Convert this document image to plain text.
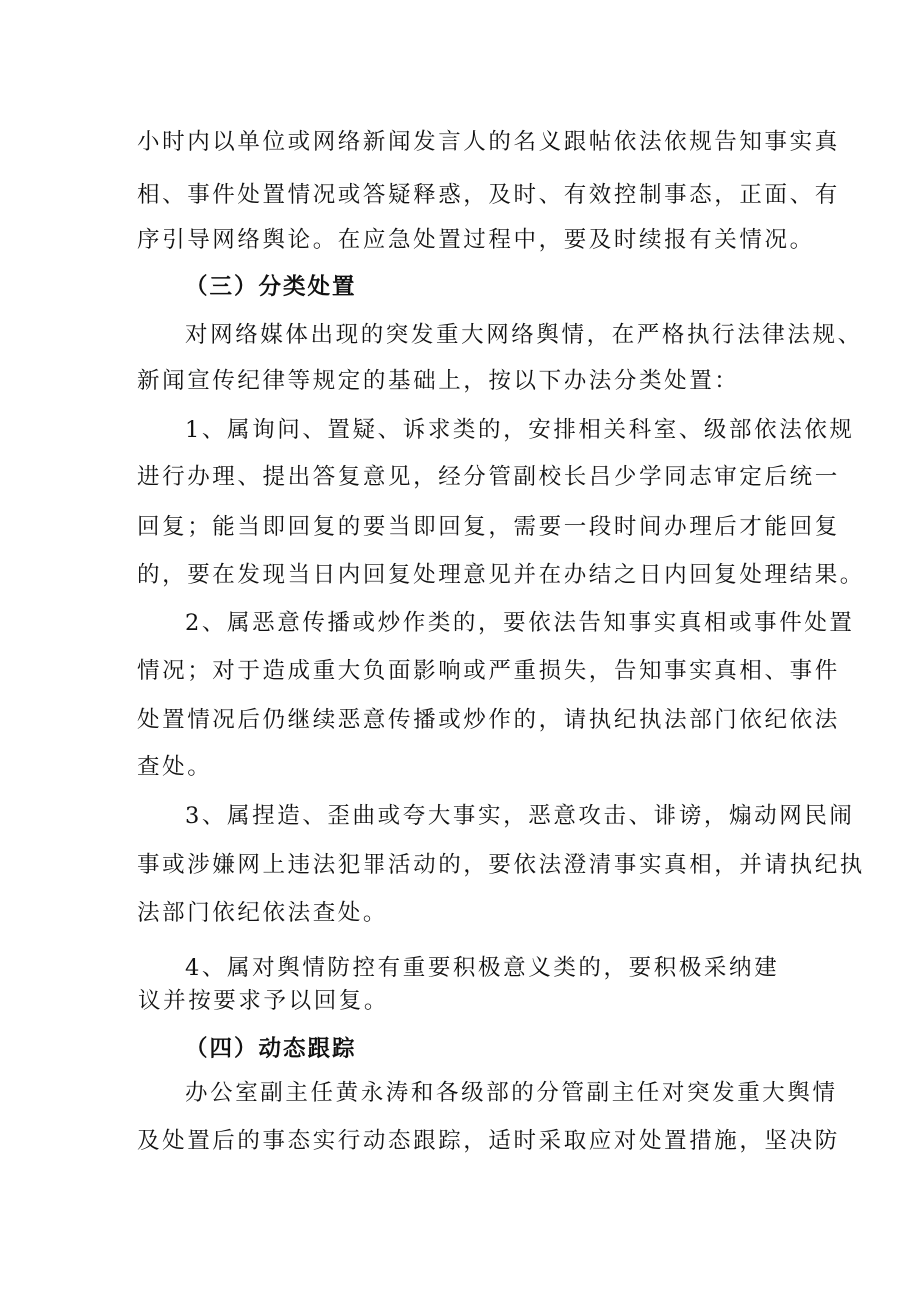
小时内以单位或网络新闻发言人的名义跟帖依法依规告知事实真
相、事件处置情况或答疑释惑，及时、有效控制事态，正面、有
序引导网络舆论。在应急处置过程中，要及时续报有关情况。
（三）分类处置
对网络媒体出现的突发重大网络舆情，在严格执行法律法规、
新闻宣传纪律等规定的基础上，按以下办法分类处置：
1、属询问、置疑、诉求类的，安排相关科室、级部依法依规
进行办理、提出答复意见，经分管副校长吕少学同志审定后统一
回复；能当即回复的要当即回复，需要一段时间办理后才能回复
的，要在发现当日内回复处理意见并在办结之日内回复处理结果。
2、属恶意传播或炒作类的，要依法告知事实真相或事件处置
情况；对于造成重大负面影响或严重损失，告知事实真相、事件
处置情况后仍继续恶意传播或炒作的，请执纪执法部门依纪依法
查处。
3、属捏造、歪曲或夸大事实，恶意攻击、诽谤，煽动网民闹
事或涉嫌网上违法犯罪活动的，要依法澄清事实真相，并请执纪执
法部门依纪依法查处。
4、属对舆情防控有重要积极意义类的，要积极采纳建
议并按要求予以回复。
（四）动态跟踪
办公室副主任黄永涛和各级部的分管副主任对突发重大舆情
及处置后的事态实行动态跟踪，适时采取应对处置措施，坚决防
